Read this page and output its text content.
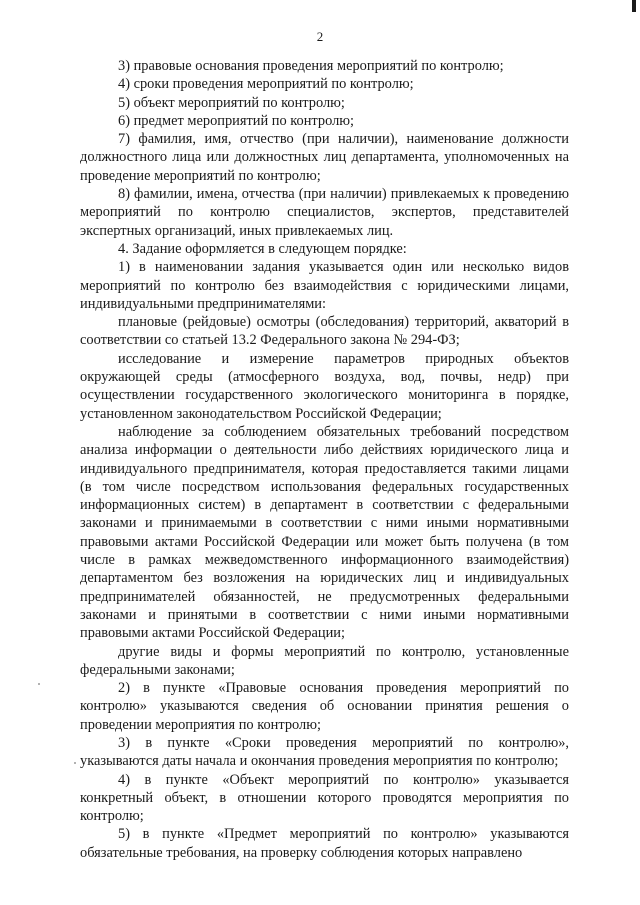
2

3) правовые основания проведения мероприятий по контролю;

4) сроки проведения мероприятий по контролю;

5) объект мероприятий по контролю;

6) предмет мероприятий по контролю;

7) фамилия, имя, отчество (при наличии), наименование должности должностного лица или должностных лиц департамента, уполномоченных на проведение мероприятий по контролю;

8) фамилии, имена, отчества (при наличии) привлекаемых к проведению мероприятий по контролю специалистов, экспертов, представителей экспертных организаций, иных привлекаемых лиц.

4. Задание оформляется в следующем порядке:

1) в наименовании задания указывается один или несколько видов мероприятий по контролю без взаимодействия с юридическими лицами, индивидуальными предпринимателями:

плановые (рейдовые) осмотры (обследования) территорий, акваторий в соответствии со статьей 13.2 Федерального закона № 294-ФЗ;

исследование и измерение параметров природных объектов окружающей среды (атмосферного воздуха, вод, почвы, недр) при осуществлении государственного экологического мониторинга в порядке, установленном законодательством Российской Федерации;

наблюдение за соблюдением обязательных требований посредством анализа информации о деятельности либо действиях юридического лица и индивидуального предпринимателя, которая предоставляется такими лицами (в том числе посредством использования федеральных государственных информационных систем) в департамент в соответствии с федеральными законами и принимаемыми в соответствии с ними иными нормативными правовыми актами Российской Федерации или может быть получена (в том числе в рамках межведомственного информационного взаимодействия) департаментом без возложения на юридических лиц и индивидуальных предпринимателей обязанностей, не предусмотренных федеральными законами и принятыми в соответствии с ними иными нормативными правовыми актами Российской Федерации;

другие виды и формы мероприятий по контролю, установленные федеральными законами;

2) в пункте «Правовые основания проведения мероприятий по контролю» указываются сведения об основании принятия решения о проведении мероприятия по контролю;

3) в пункте «Сроки проведения мероприятий по контролю», указываются даты начала и окончания проведения мероприятия по контролю;

4) в пункте «Объект мероприятий по контролю» указывается конкретный объект, в отношении которого проводятся мероприятия по контролю;

5) в пункте «Предмет мероприятий по контролю» указываются обязательные требования, на проверку соблюдения которых направлено
